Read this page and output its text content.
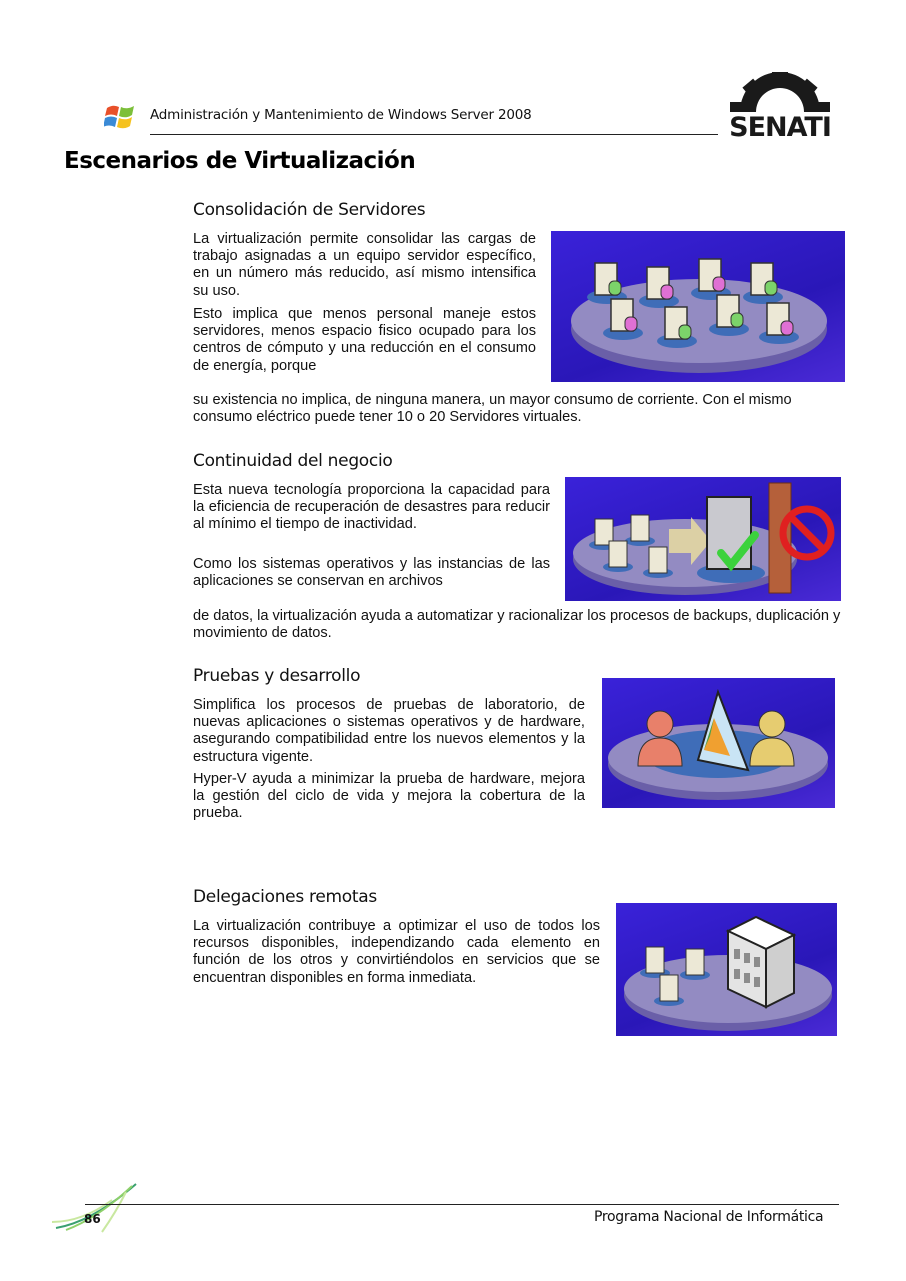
Administración y Mantenimiento de Windows Server 2008	SENATI
Escenarios de Virtualización
Consolidación de Servidores
La virtualización permite consolidar las cargas de trabajo asignadas a un equipo servidor específico, en un número más reducido, así mismo intensifica su uso.
Esto implica que menos personal maneje estos servidores, menos espacio fisico ocupado para los centros de cómputo y una reducción en el consumo de energía, porque
su existencia no implica, de ninguna manera, un mayor consumo de corriente. Con el mismo consumo eléctrico puede tener 10 o 20 Servidores virtuales.
Continuidad del negocio
Esta nueva tecnología proporciona la capacidad para la eficiencia de recuperación de desastres para reducir al mínimo el tiempo de inactividad.
Como los sistemas operativos y las instancias de las aplicaciones se conservan en archivos
de datos, la virtualización ayuda a automatizar y racionalizar los procesos de backups, duplicación y movimiento de datos.
Pruebas y desarrollo
Simplifica los procesos de pruebas de laboratorio, de nuevas aplicaciones o sistemas operativos y de hardware, asegurando compatibilidad entre los nuevos elementos y la estructura vigente.
Hyper-V ayuda a minimizar la prueba de hardware, mejora la gestión del ciclo de vida y mejora la cobertura de la prueba.
Delegaciones remotas
La virtualización contribuye a optimizar el uso de todos los recursos disponibles, independizando cada elemento en función de los otros y convirtiéndolos en servicios que se encuentran disponibles en forma inmediata.
86	Programa Nacional de Informática
